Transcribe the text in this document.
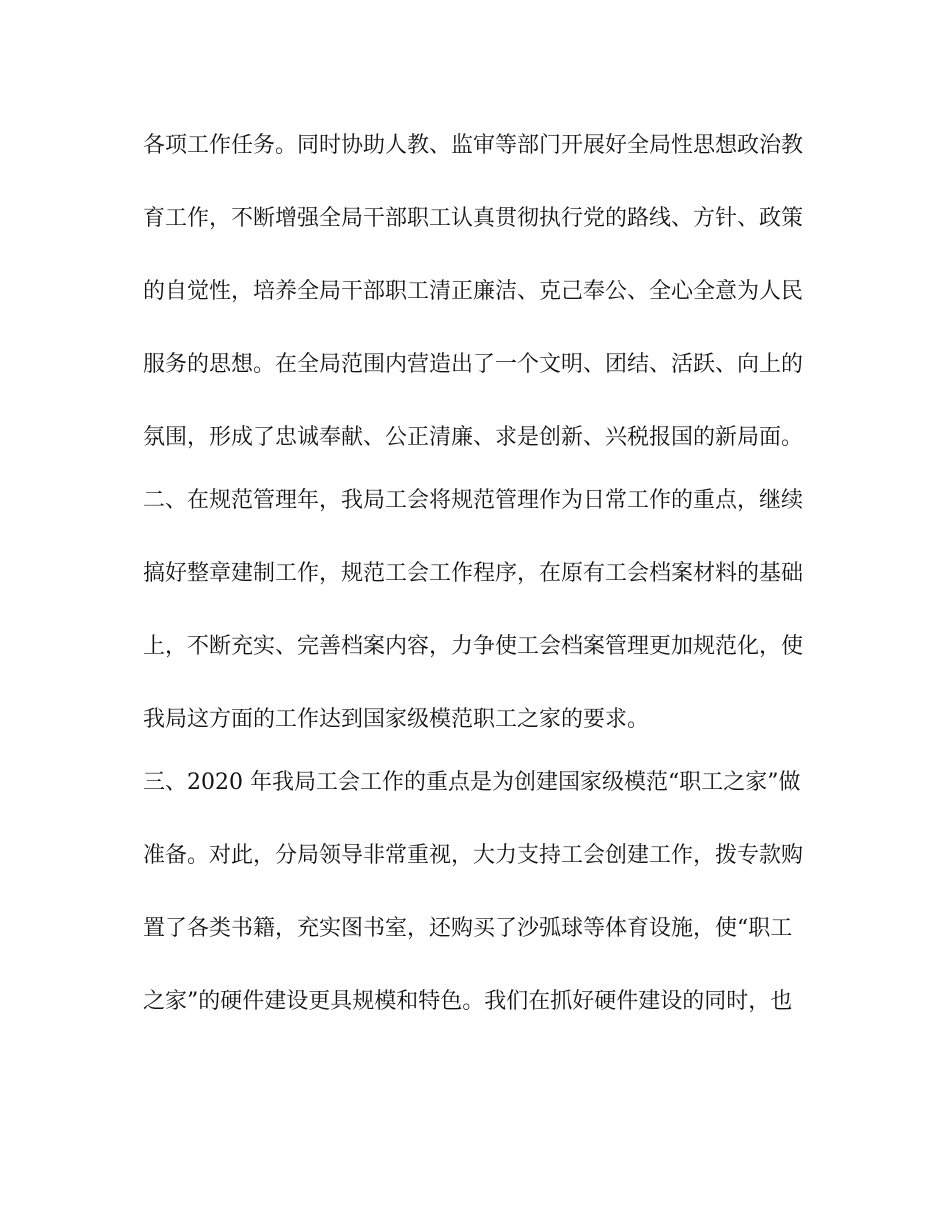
各项工作任务。同时协助人教、监审等部门开展好全局性思想政治教
育工作，不断增强全局干部职工认真贯彻执行党的路线、方针、政策
的自觉性，培养全局干部职工清正廉洁、克己奉公、全心全意为人民
服务的思想。在全局范围内营造出了一个文明、团结、活跃、向上的
氛围，形成了忠诚奉献、公正清廉、求是创新、兴税报国的新局面。
二、在规范管理年，我局工会将规范管理作为日常工作的重点，继续
搞好整章建制工作，规范工会工作程序，在原有工会档案材料的基础
上，不断充实、完善档案内容，力争使工会档案管理更加规范化，使
我局这方面的工作达到国家级模范职工之家的要求。
三、2020 年我局工会工作的重点是为创建国家级模范“职工之家”做
准备。对此，分局领导非常重视，大力支持工会创建工作，拨专款购
置了各类书籍，充实图书室，还购买了沙弧球等体育设施，使“职工
之家”的硬件建设更具规模和特色。我们在抓好硬件建设的同时，也
